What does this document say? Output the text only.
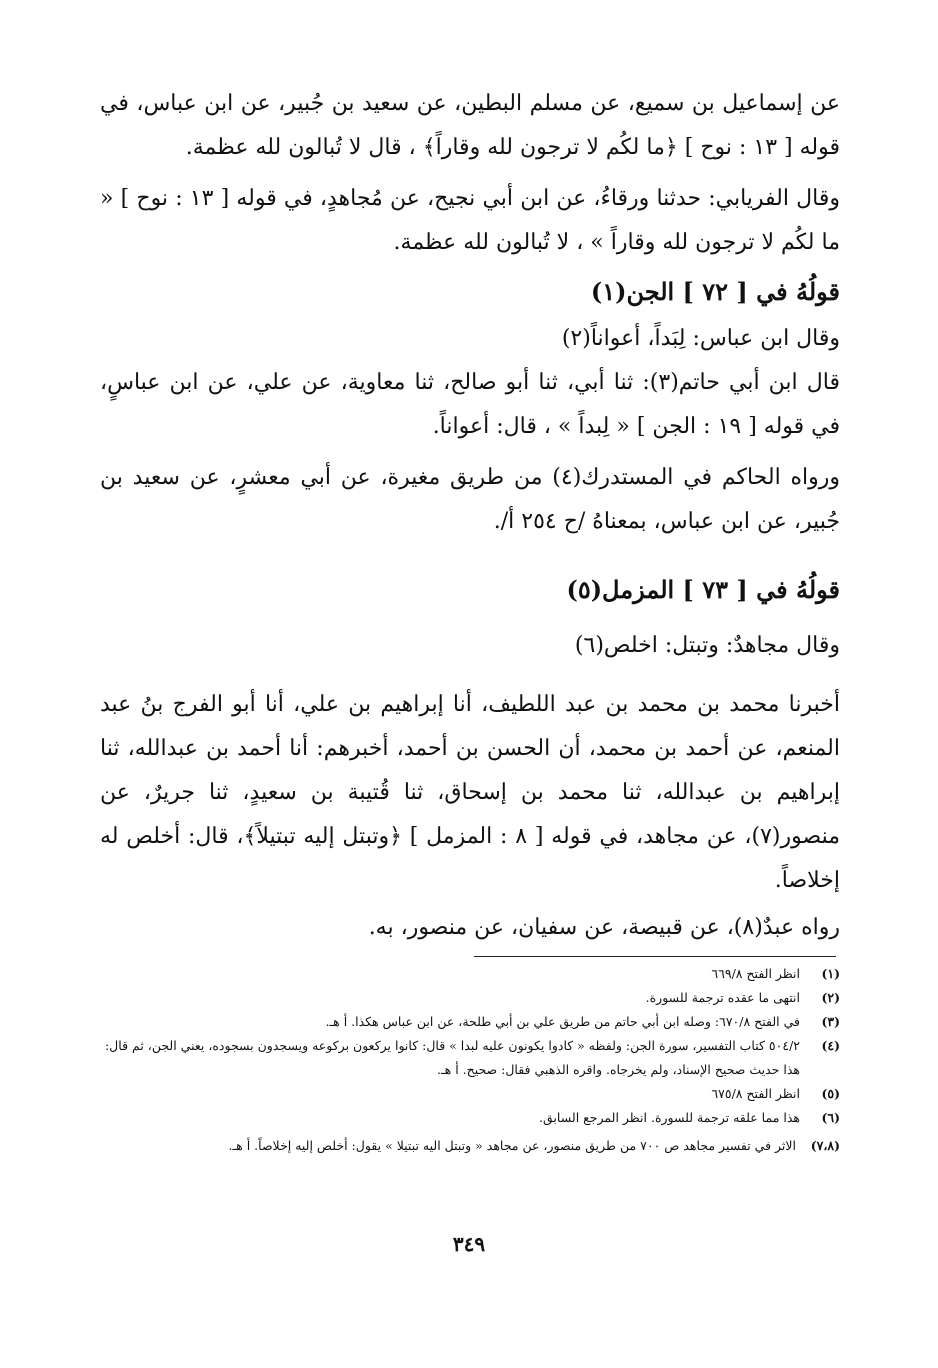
عن إسماعيل بن سميع، عن مسلم البطين، عن سعيد بن جُبير، عن ابن عباس، في قوله [ ١٣ : نوح ] ﴿ما لكُم لا ترجون لله وقاراً﴾ ، قال لا تُبالون لله عظمة.

وقال الفريابي: حدثنا ورقاءُ، عن ابن أبي نجيح، عن مُجاهدٍ، في قوله [ ١٣ : نوح ] « ما لكُم لا ترجون لله وقاراً » ، لا تُبالون لله عظمة.

قولُهُ في [ ٧٢ ] الجن(١)

وقال ابن عباس: لِبَداً، أعواناً(٢)

قال ابن أبي حاتم(٣): ثنا أبي، ثنا أبو صالح، ثنا معاوية، عن علي، عن ابن عباسٍ، في قوله [ ١٩ : الجن ] « لِبداً » ، قال: أعواناً.

ورواه الحاكم في المستدرك(٤) من طريق مغيرة، عن أبي معشرٍ، عن سعيد بن جُبير، عن ابن عباس، بمعناهُ /ح ٢٥٤ أ/.

قولُهُ في [ ٧٣ ] المزمل(٥)

وقال مجاهدٌ: وتبتل: اخلص(٦)

أخبرنا محمد بن محمد بن عبد اللطيف، أنا إبراهيم بن علي، أنا أبو الفرج بنُ عبد المنعم، عن أحمد بن محمد، أن الحسن بن أحمد، أخبرهم: أنا أحمد بن عبدالله، ثنا إبراهيم بن عبدالله، ثنا محمد بن إسحاق، ثنا قُتيبة بن سعيدٍ، ثنا جريرٌ، عن منصور(٧)، عن مجاهد، في قوله [ ٨ : المزمل ] ﴿وتبتل إليه تبتيلاً﴾، قال: أخلص له إخلاصاً.

رواه عبدٌ(٨)، عن قبيصة، عن سفيان، عن منصور، به.

(١)
انظر الفتح ٦٦٩/٨
(٢)
انتهى ما عقده ترجمة للسورة.
(٣)
في الفتح ٦٧٠/٨: وصله ابن أبي حاتم من طريق علي بن أبي طلحة، عن ابن عباس هكذا. أ هـ.
(٤)
٥٠٤/٢ كتاب التفسير، سورة الجن: ولفظه « كادوا يكونون عليه لبدا » قال: كانوا يركعون بركوعه ويسجدون بسجوده، يعني الجن، ثم قال: هذا حديث صحيح الإسناد، ولم يخرجاه. واقره الذهبي فقال: صحيح. أ هـ.
(٥)
انظر الفتح ٦٧٥/٨
(٦)
هذا مما علقه ترجمة للسورة. انظر المرجع السابق.
(٧،٨)
الاثر في تفسير مجاهد ص ٧٠٠ من طريق منصور، عن مجاهد « وتبتل اليه تبتيلا » يقول: أخلص إليه إخلاصاً. أ هـ.
٣٤٩
